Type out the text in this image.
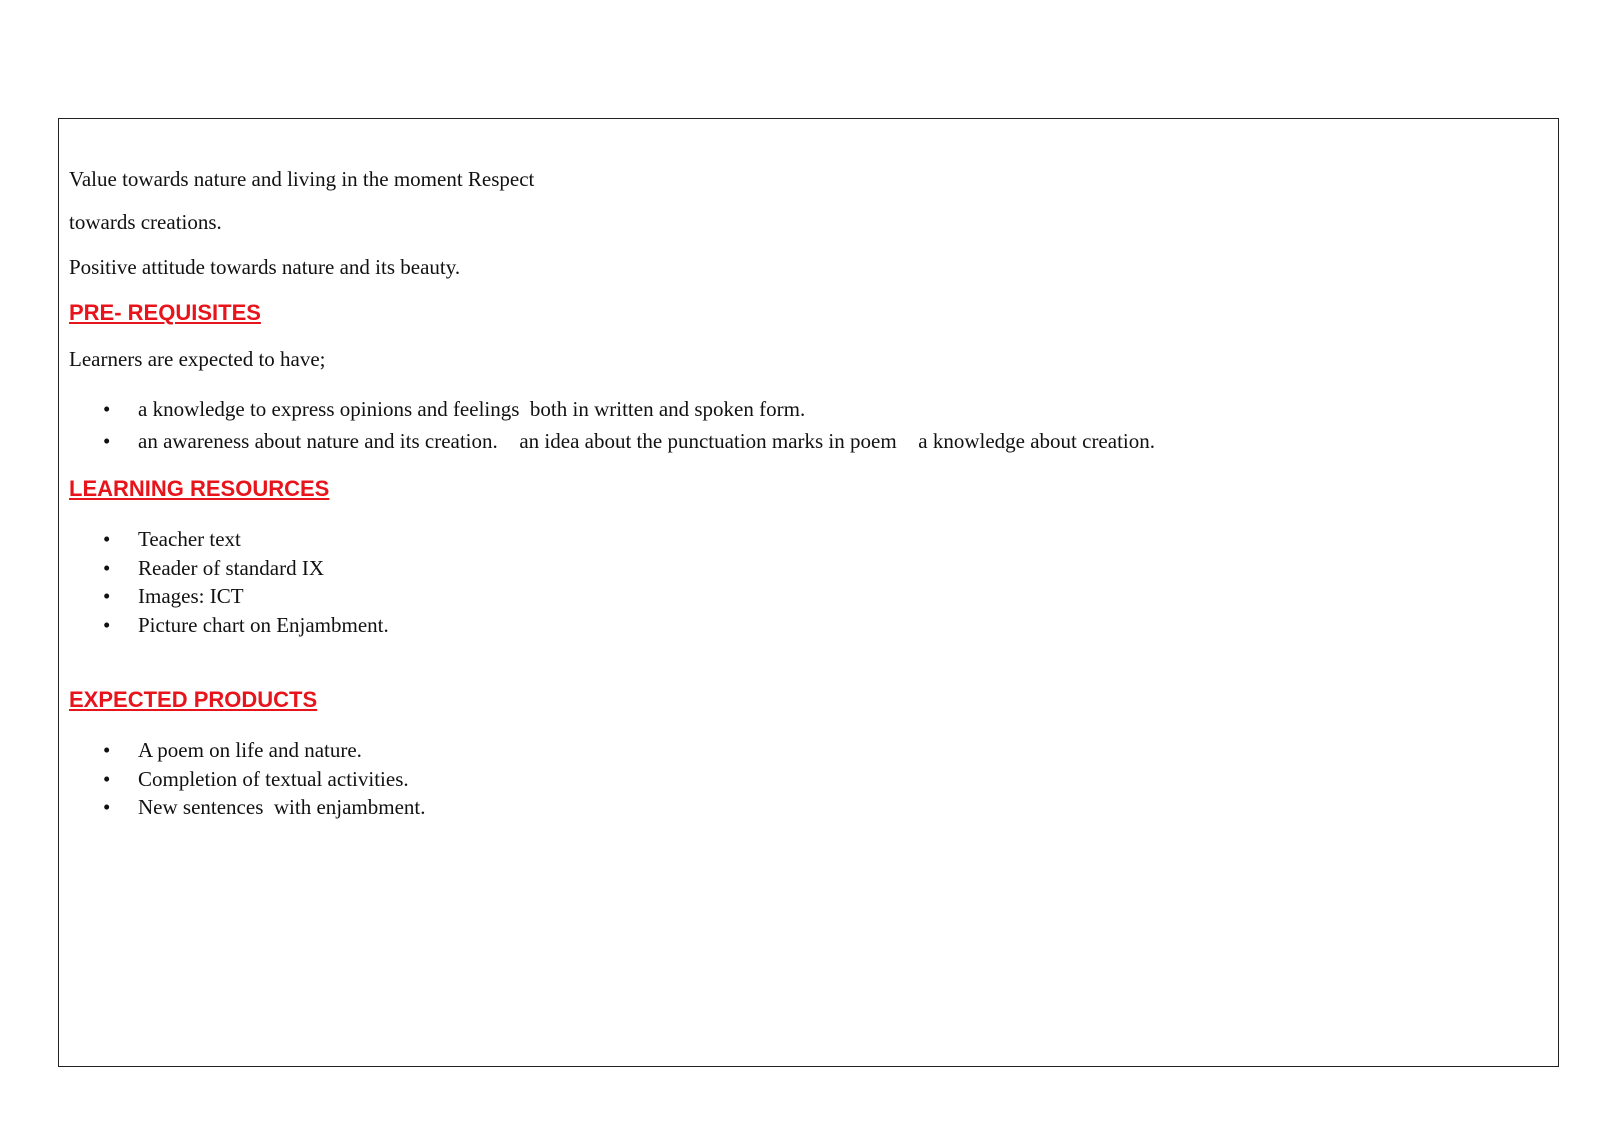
Value towards nature and living in the moment Respect

towards creations.

Positive attitude towards nature and its beauty.

PRE- REQUISITES

Learners are expected to have;

• a knowledge to express opinions and feelings  both in written and spoken form.
• an awareness about nature and its creation.  an idea about the punctuation marks in poem  a knowledge about creation.
LEARNING RESOURCES
• Teacher text
• Reader of standard IX
• Images: ICT
• Picture chart on Enjambment.
EXPECTED PRODUCTS
• A poem on life and nature.
• Completion of textual activities.
• New sentences  with enjambment.
